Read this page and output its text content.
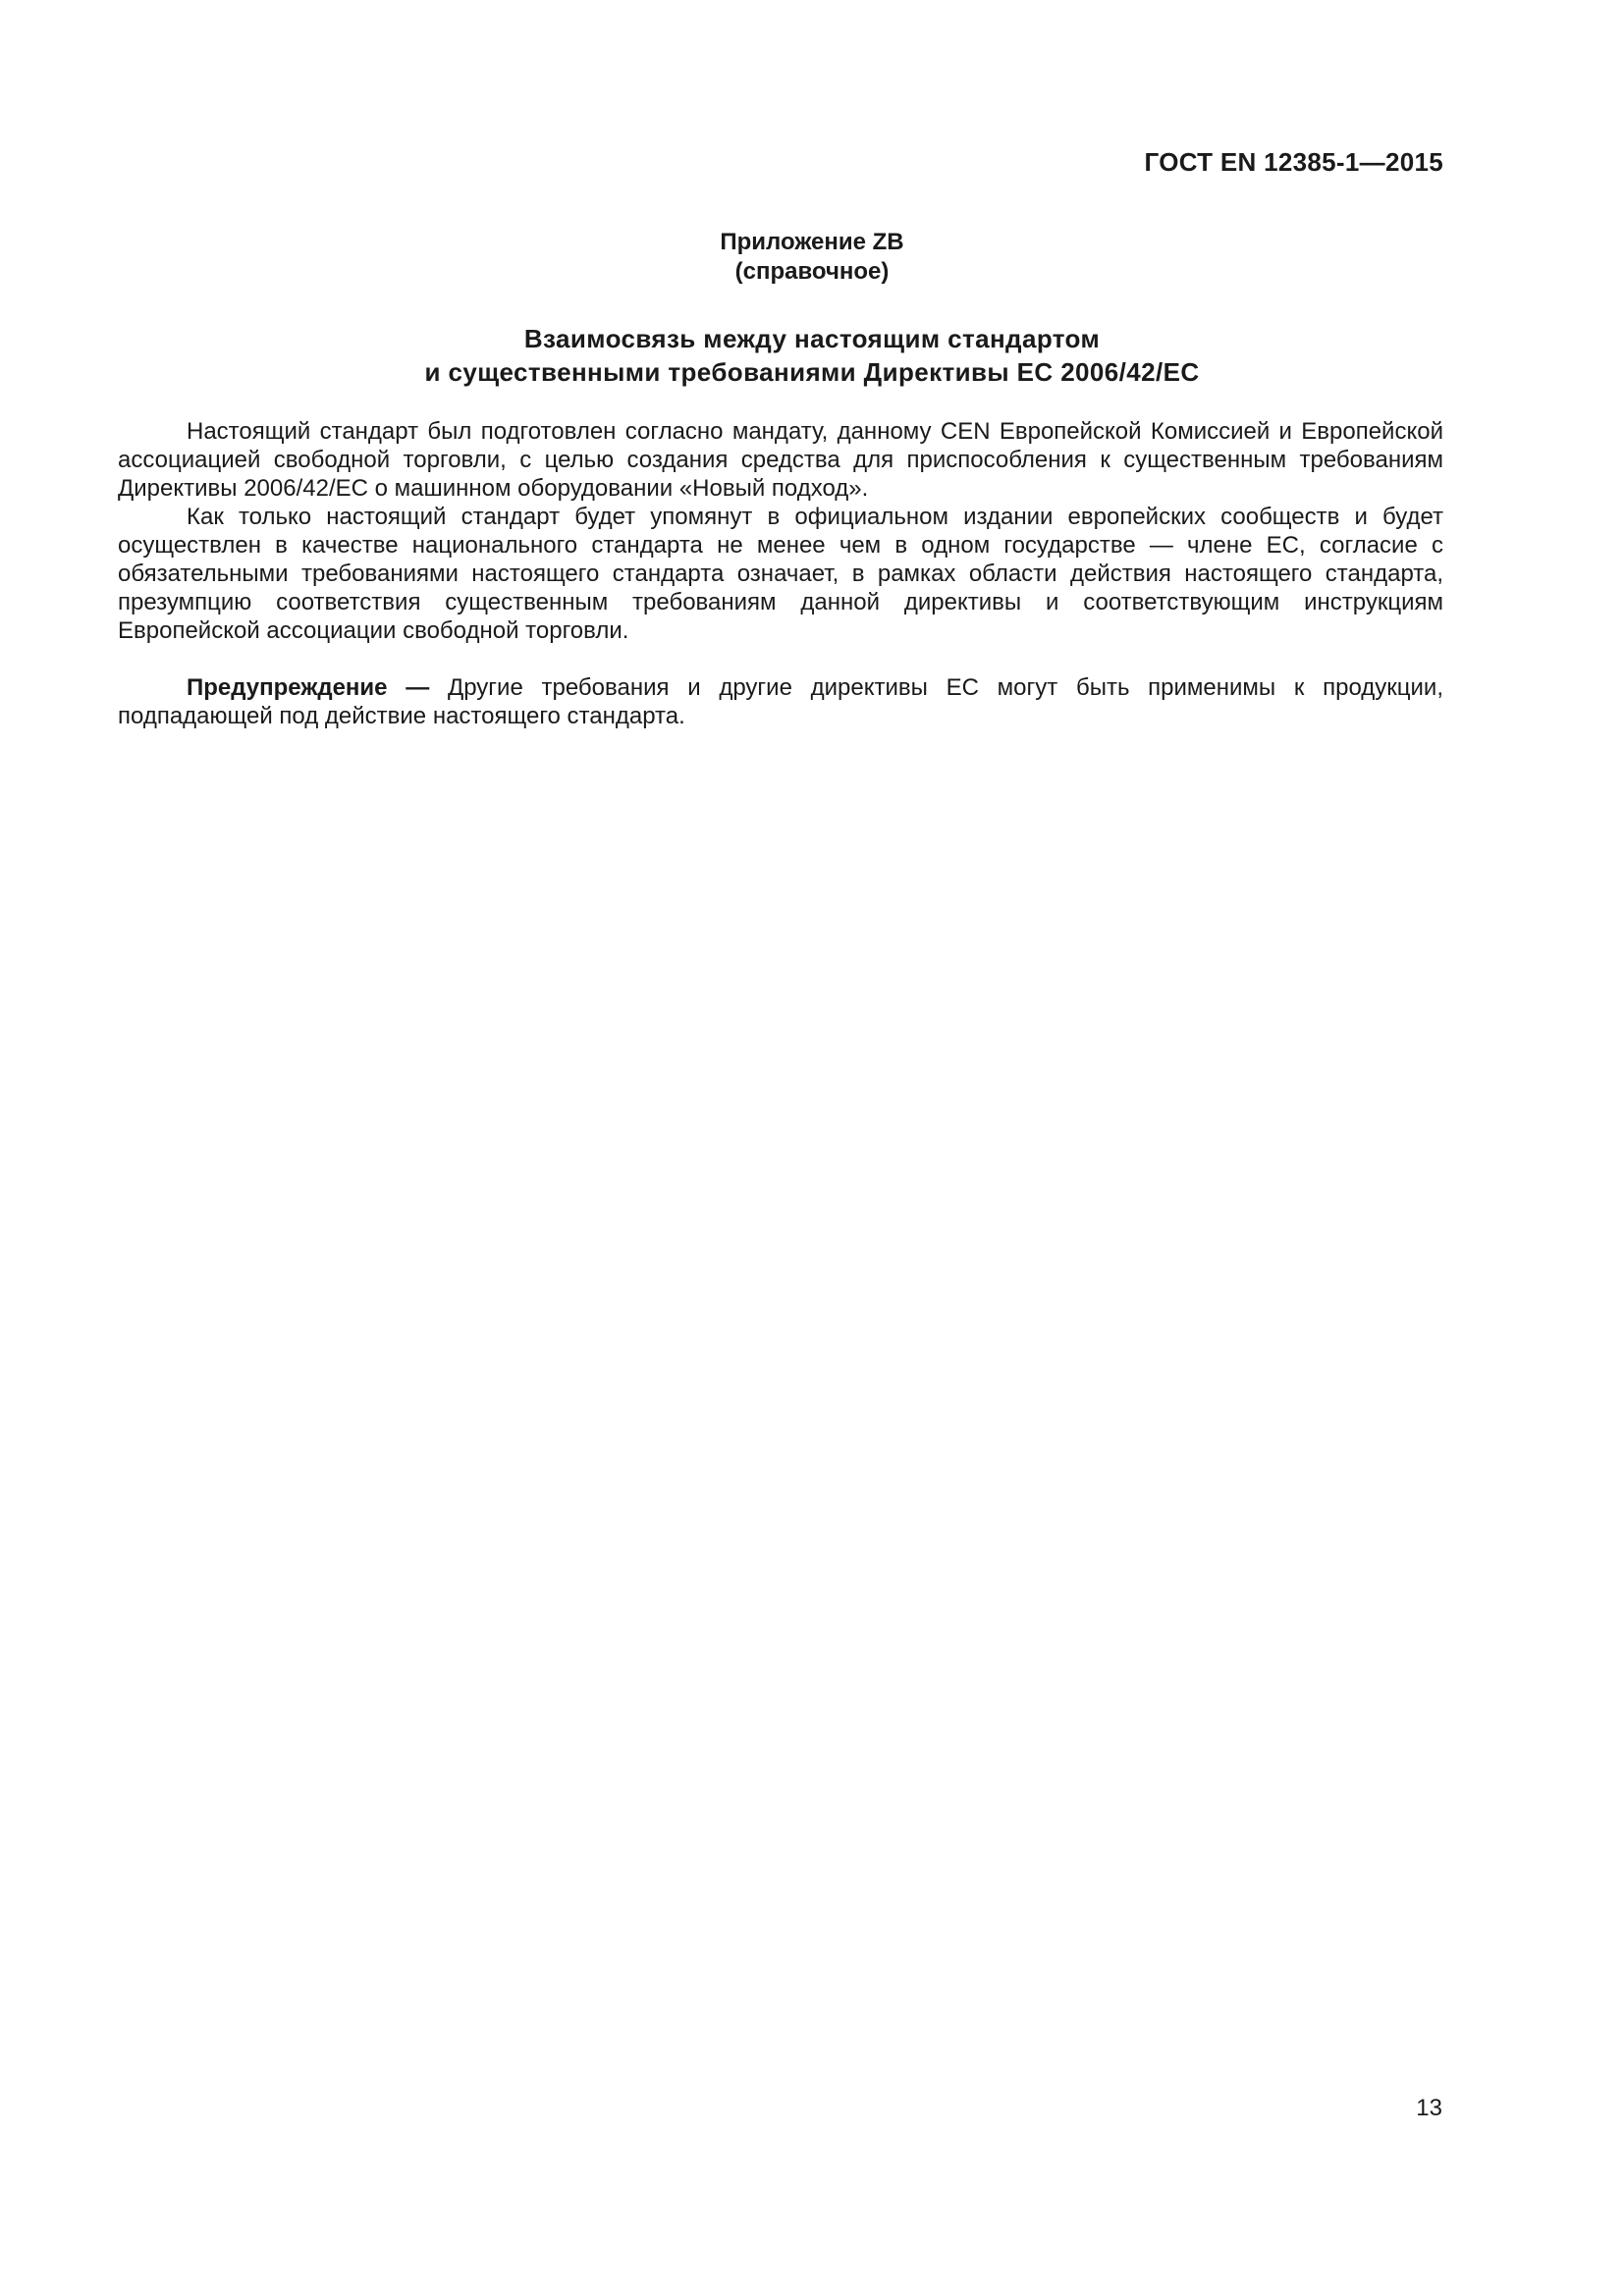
ГОСТ EN 12385-1—2015
Приложение ZB
(справочное)
Взаимосвязь между настоящим стандартом
и существенными требованиями Директивы ЕС 2006/42/ЕС

Настоящий стандарт был подготовлен согласно мандату, данному CEN Европейской Комиссией и Европейской ассоциацией свободной торговли, с целью создания средства для приспособления к существенным требованиям Директивы 2006/42/ЕС о машинном оборудовании «Новый подход».

Как только настоящий стандарт будет упомянут в официальном издании европейских сообществ и будет осуществлен в качестве национального стандарта не менее чем в одном государстве — члене ЕС, согласие с обязательными требованиями настоящего стандарта означает, в рамках области действия настоящего стандарта, презумпцию соответствия существенным требованиям данной директивы и соответствующим инструкциям Европейской ассоциации свободной торговли.

Предупреждение — Другие требования и другие директивы ЕС могут быть применимы к продукции, подпадающей под действие настоящего стандарта.

13
